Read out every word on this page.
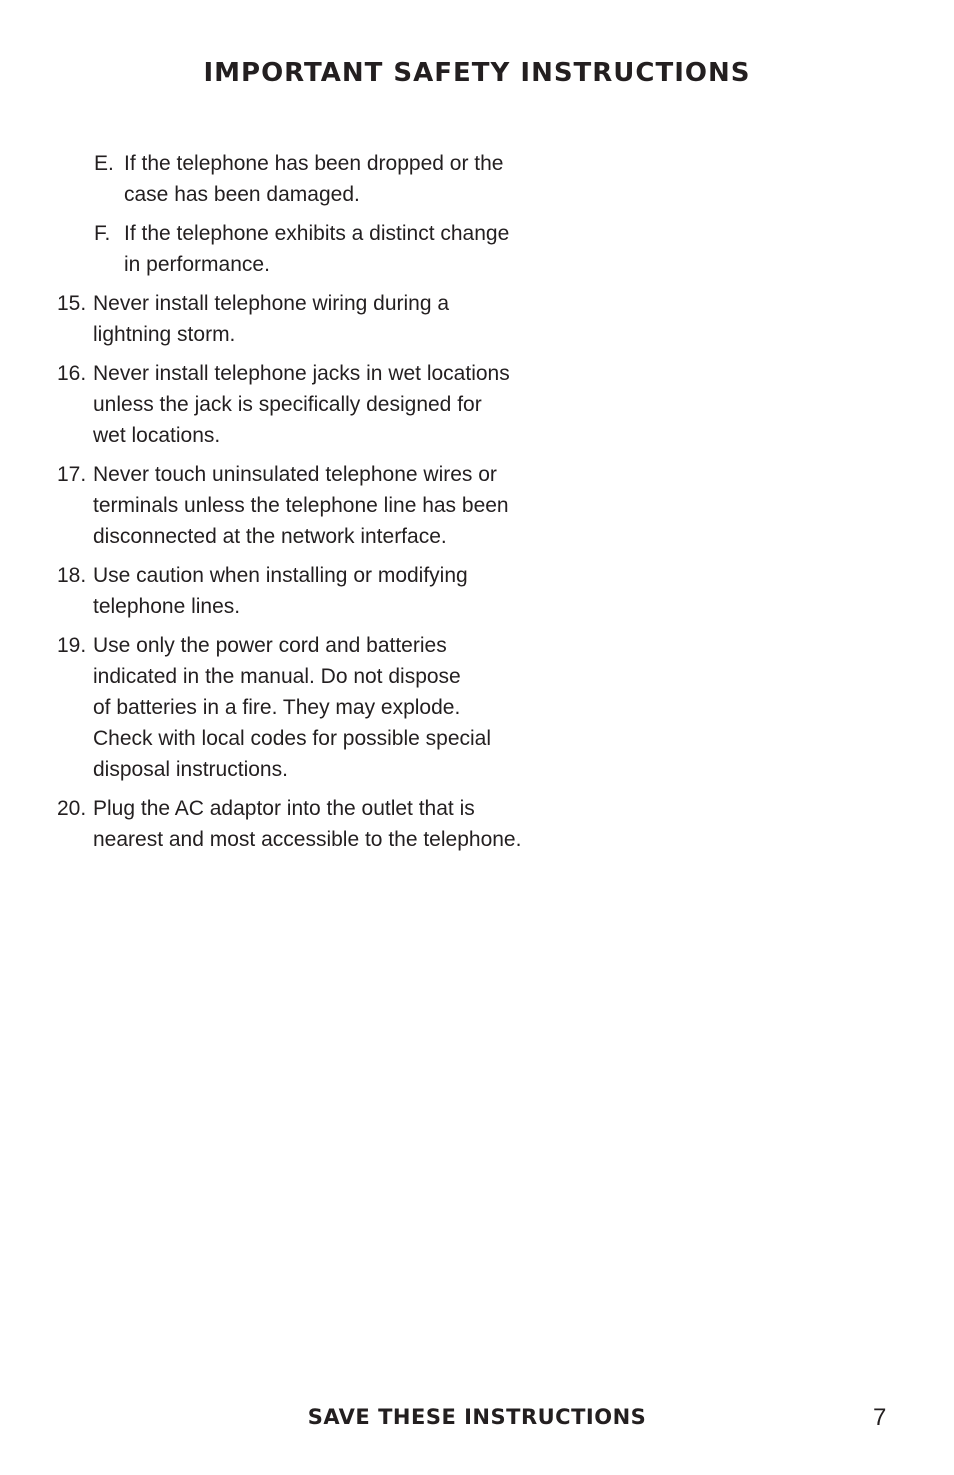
IMPORTANT SAFETY INSTRUCTIONS
E. If the telephone has been dropped or the
case has been damaged.
F. If the telephone exhibits a distinct change
in performance.
15. Never install telephone wiring during a
lightning storm.
16. Never install telephone jacks in wet locations
unless the jack is specifically designed for
wet locations.
17. Never touch uninsulated telephone wires or
terminals unless the telephone line has been
disconnected at the network interface.
18. Use caution when installing or modifying
telephone lines.
19. Use only the power cord and batteries
indicated in the manual. Do not dispose
of batteries in a fire. They may explode.
Check with local codes for possible special
disposal instructions.
20. Plug the AC adaptor into the outlet that is
nearest and most accessible to the telephone.
SAVE THESE INSTRUCTIONS	7
